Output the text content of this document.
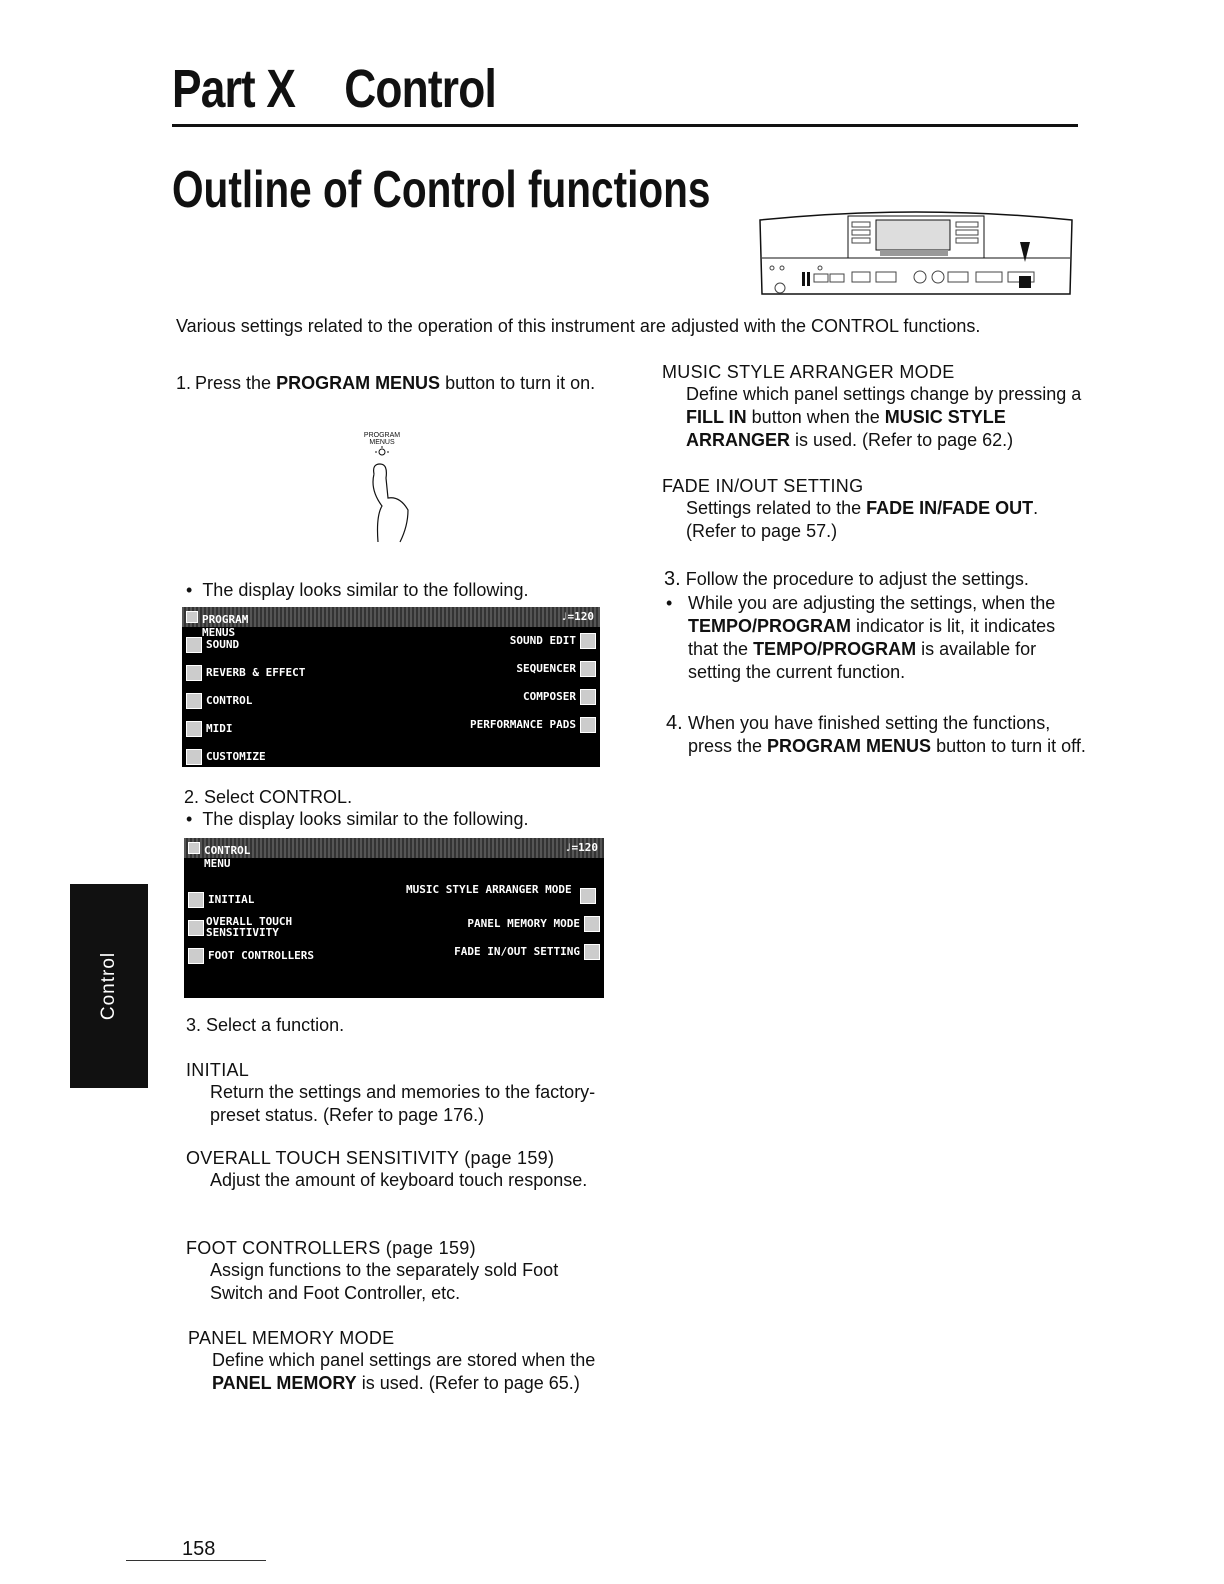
Part X Control
Outline of Control functions
Various settings related to the operation of this instrument are adjusted with the CONTROL functions.
1. Press the PROGRAM MENUS button to turn it on.
PROGRAM MENUS
•  The display looks similar to the following.
PROGRAM MENUS
♩=120
SOUND
REVERB & EFFECT
CONTROL
MIDI
CUSTOMIZE
SOUND EDIT
SEQUENCER
COMPOSER
PERFORMANCE PADS
2. Select CONTROL.
•  The display looks similar to the following.
CONTROL MENU
♩=120
INITIAL
OVERALL TOUCH SENSITIVITY
FOOT CONTROLLERS
MUSIC STYLE ARRANGER MODE
PANEL MEMORY MODE
FADE IN/OUT SETTING
3. Select a function.
INITIAL
Return the settings and memories to the factory-preset status. (Refer to page 176.)
OVERALL TOUCH SENSITIVITY (page 159)
Adjust the amount of keyboard touch response.
FOOT CONTROLLERS (page 159)
Assign functions to the separately sold Foot Switch and Foot Controller, etc.
PANEL MEMORY MODE
Define which panel settings are stored when the PANEL MEMORY is used. (Refer to page 65.)
MUSIC STYLE ARRANGER MODE
Define which panel settings change by pressing a FILL IN button when the MUSIC STYLE ARRANGER is used. (Refer to page 62.)
FADE IN/OUT SETTING
Settings related to the FADE IN/FADE OUT. (Refer to page 57.)
3. Follow the procedure to adjust the settings.
• While you are adjusting the settings, when the TEMPO/PROGRAM indicator is lit, it indicates that the TEMPO/PROGRAM is available for setting the current function.
4. When you have finished setting the functions, press the PROGRAM MENUS button to turn it off.
Control
158
